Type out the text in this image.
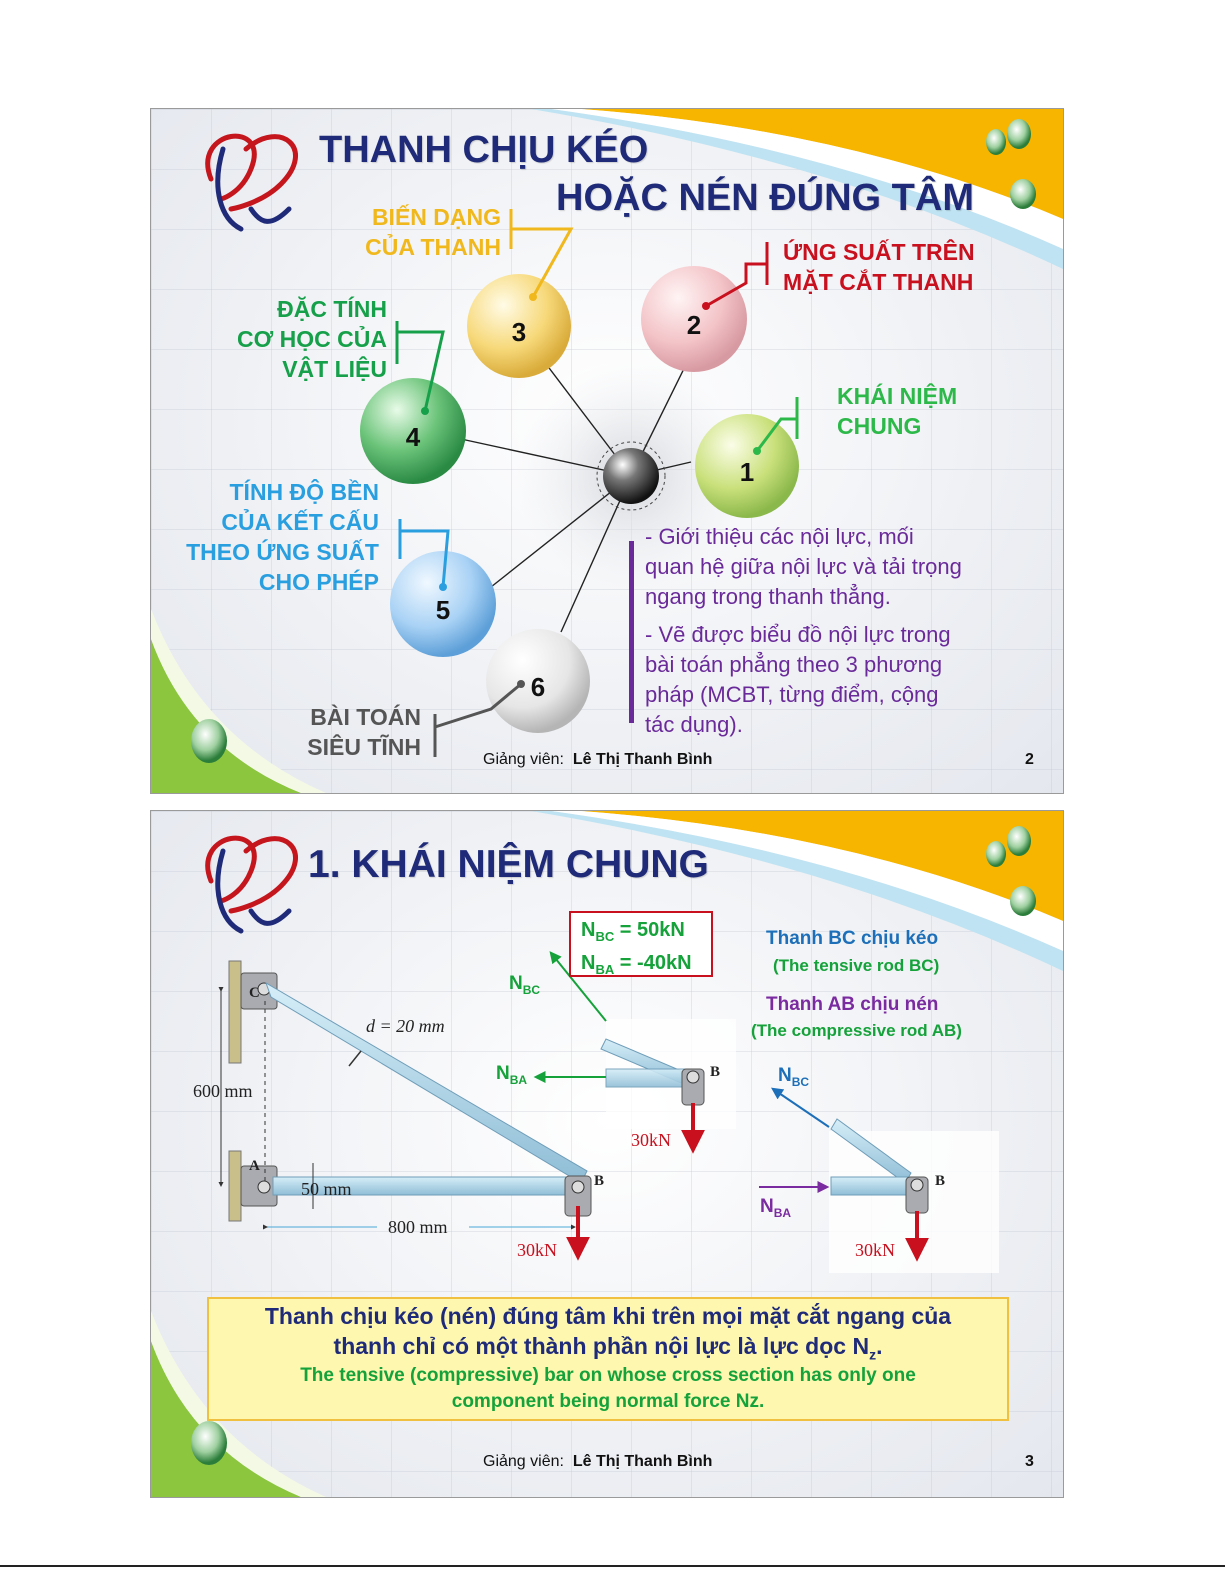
THANH CHỊU KÉO
HOẶC NÉN ĐÚNG TÂM
1
2
3
4
5
6
KHÁI NIỆM
CHUNG
ỨNG SUẤT TRÊN
MẶT CẮT THANH
BIẾN DẠNG
CỦA THANH
ĐẶC TÍNH
CƠ HỌC CỦA
VẬT LIỆU
TÍNH ĐỘ BỀN
CỦA KẾT CẤU
THEO ỨNG SUẤT
CHO PHÉP
BÀI TOÁN
SIÊU TĨNH
- Giới thiệu các nội lực, mối
quan hệ giữa nội lực và tải trọng
ngang trong thanh thẳng.
- Vẽ được biểu đồ nội lực trong
bài toán phẳng theo 3 phương
pháp (MCBT, từng điểm, cộng
tác dụng).
Giảng viên: Lê Thị Thanh Bình	2
1. KHÁI NIỆM CHUNG
$N_{BC} = 50kN$
$N_{BA} = -40kN$
Thanh BC chịu kéo
(The tensive rod BC)
Thanh AB chịu nén
(The compressive rod AB)
d = 20 mm
600 mm
50 mm
800 mm
C
A
B
30kN
$N_{BC}$
$N_{BA}$	B
30kN
$N_{BC}$
$N_{BA}$
B
30kN
Thanh chịu kéo (nén) đúng tâm khi trên mọi mặt cắt ngang của
thanh chỉ có một thành phần nội lực là lực dọc $N_z$.
The tensive (compressive) bar on whose cross section has only one
component being normal force Nz.
Giảng viên: Lê Thị Thanh Bình	3
